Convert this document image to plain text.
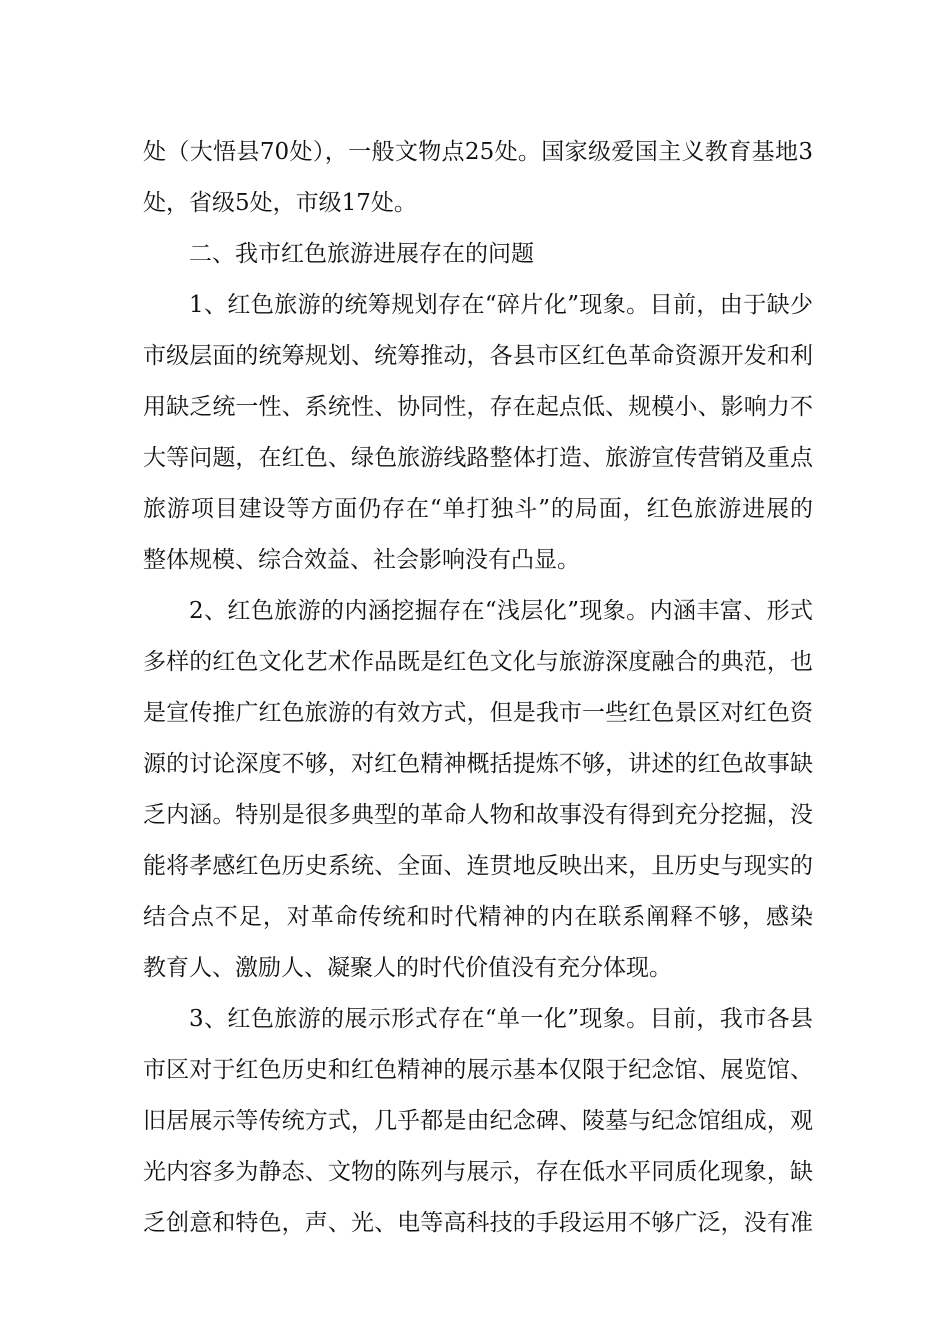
处（大悟县70处），一般文物点25处。国家级爱国主义教育基地3
处，省级5处，市级17处。
二、我市红色旅游进展存在的问题
1、红色旅游的统筹规划存在“碎片化”现象。目前，由于缺少
市级层面的统筹规划、统筹推动，各县市区红色革命资源开发和利
用缺乏统一性、系统性、协同性，存在起点低、规模小、影响力不
大等问题，在红色、绿色旅游线路整体打造、旅游宣传营销及重点
旅游项目建设等方面仍存在“单打独斗”的局面，红色旅游进展的
整体规模、综合效益、社会影响没有凸显。
2、红色旅游的内涵挖掘存在“浅层化”现象。内涵丰富、形式
多样的红色文化艺术作品既是红色文化与旅游深度融合的典范，也
是宣传推广红色旅游的有效方式，但是我市一些红色景区对红色资
源的讨论深度不够，对红色精神概括提炼不够，讲述的红色故事缺
乏内涵。特别是很多典型的革命人物和故事没有得到充分挖掘，没
能将孝感红色历史系统、全面、连贯地反映出来，且历史与现实的
结合点不足，对革命传统和时代精神的内在联系阐释不够，感染
教育人、激励人、凝聚人的时代价值没有充分体现。
3、红色旅游的展示形式存在“单一化”现象。目前，我市各县
市区对于红色历史和红色精神的展示基本仅限于纪念馆、展览馆、
旧居展示等传统方式，几乎都是由纪念碑、陵墓与纪念馆组成，观
光内容多为静态、文物的陈列与展示，存在低水平同质化现象，缺
乏创意和特色，声、光、电等高科技的手段运用不够广泛，没有准
